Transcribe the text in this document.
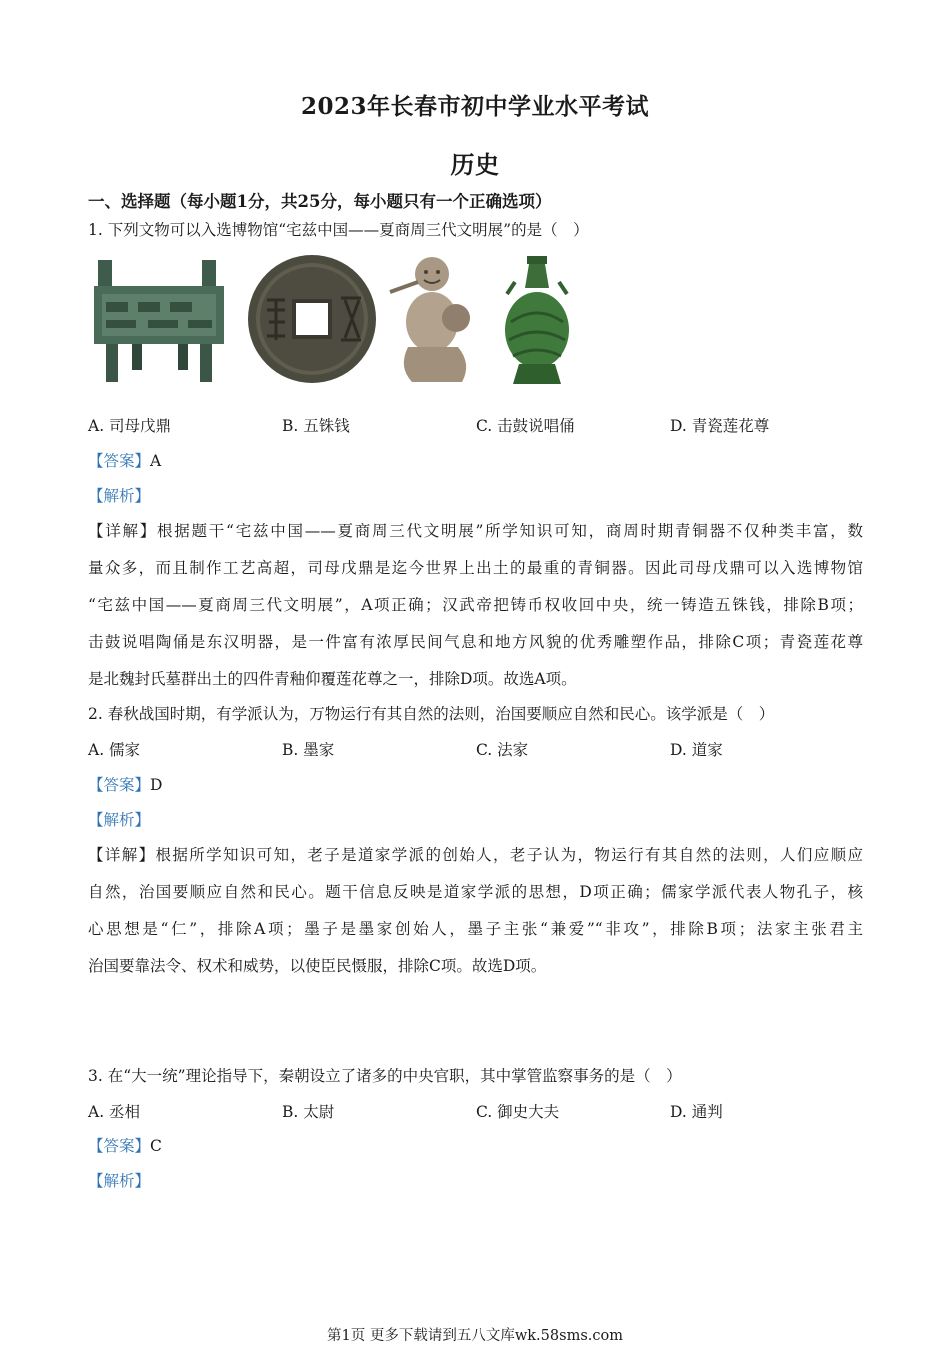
2023年长春市初中学业水平考试
历史
一、选择题（每小题1分，共25分，每小题只有一个正确选项）
1. 下列文物可以入选博物馆“宅兹中国——夏商周三代文明展”的是（　）
A. 司母戊鼎	B. 五铢钱	C. 击鼓说唱俑	D. 青瓷莲花尊
【答案】A
【解析】
【详解】根据题干“宅兹中国——夏商周三代文明展”所学知识可知，商周时期青铜器不仅种类丰富，数
量众多，而且制作工艺高超，司母戊鼎是迄今世界上出土的最重的青铜器。因此司母戊鼎可以入选博物馆
“宅兹中国——夏商周三代文明展”，A项正确；汉武帝把铸币权收回中央，统一铸造五铢钱，排除B项；
击鼓说唱陶俑是东汉明器，是一件富有浓厚民间气息和地方风貌的优秀雕塑作品，排除C项；青瓷莲花尊
是北魏封氏墓群出土的四件青釉仰覆莲花尊之一，排除D项。故选A项。
2. 春秋战国时期，有学派认为，万物运行有其自然的法则，治国要顺应自然和民心。该学派是（　）
A. 儒家	B. 墨家	C. 法家	D. 道家
【答案】D
【解析】
【详解】根据所学知识可知，老子是道家学派的创始人，老子认为，物运行有其自然的法则，人们应顺应
自然，治国要顺应自然和民心。题干信息反映是道家学派的思想，D项正确；儒家学派代表人物孔子，核
心思想是“仁”，排除A项；墨子是墨家创始人，墨子主张“兼爱”“非攻”，排除B项；法家主张君主
治国要靠法令、权术和威势，以使臣民慑服，排除C项。故选D项。
3. 在“大一统”理论指导下，秦朝设立了诸多的中央官职，其中掌管监察事务的是（　）
A. 丞相	B. 太尉	C. 御史大夫	D. 通判
【答案】C
【解析】
第1页 更多下载请到五八文库wk.58sms.com
